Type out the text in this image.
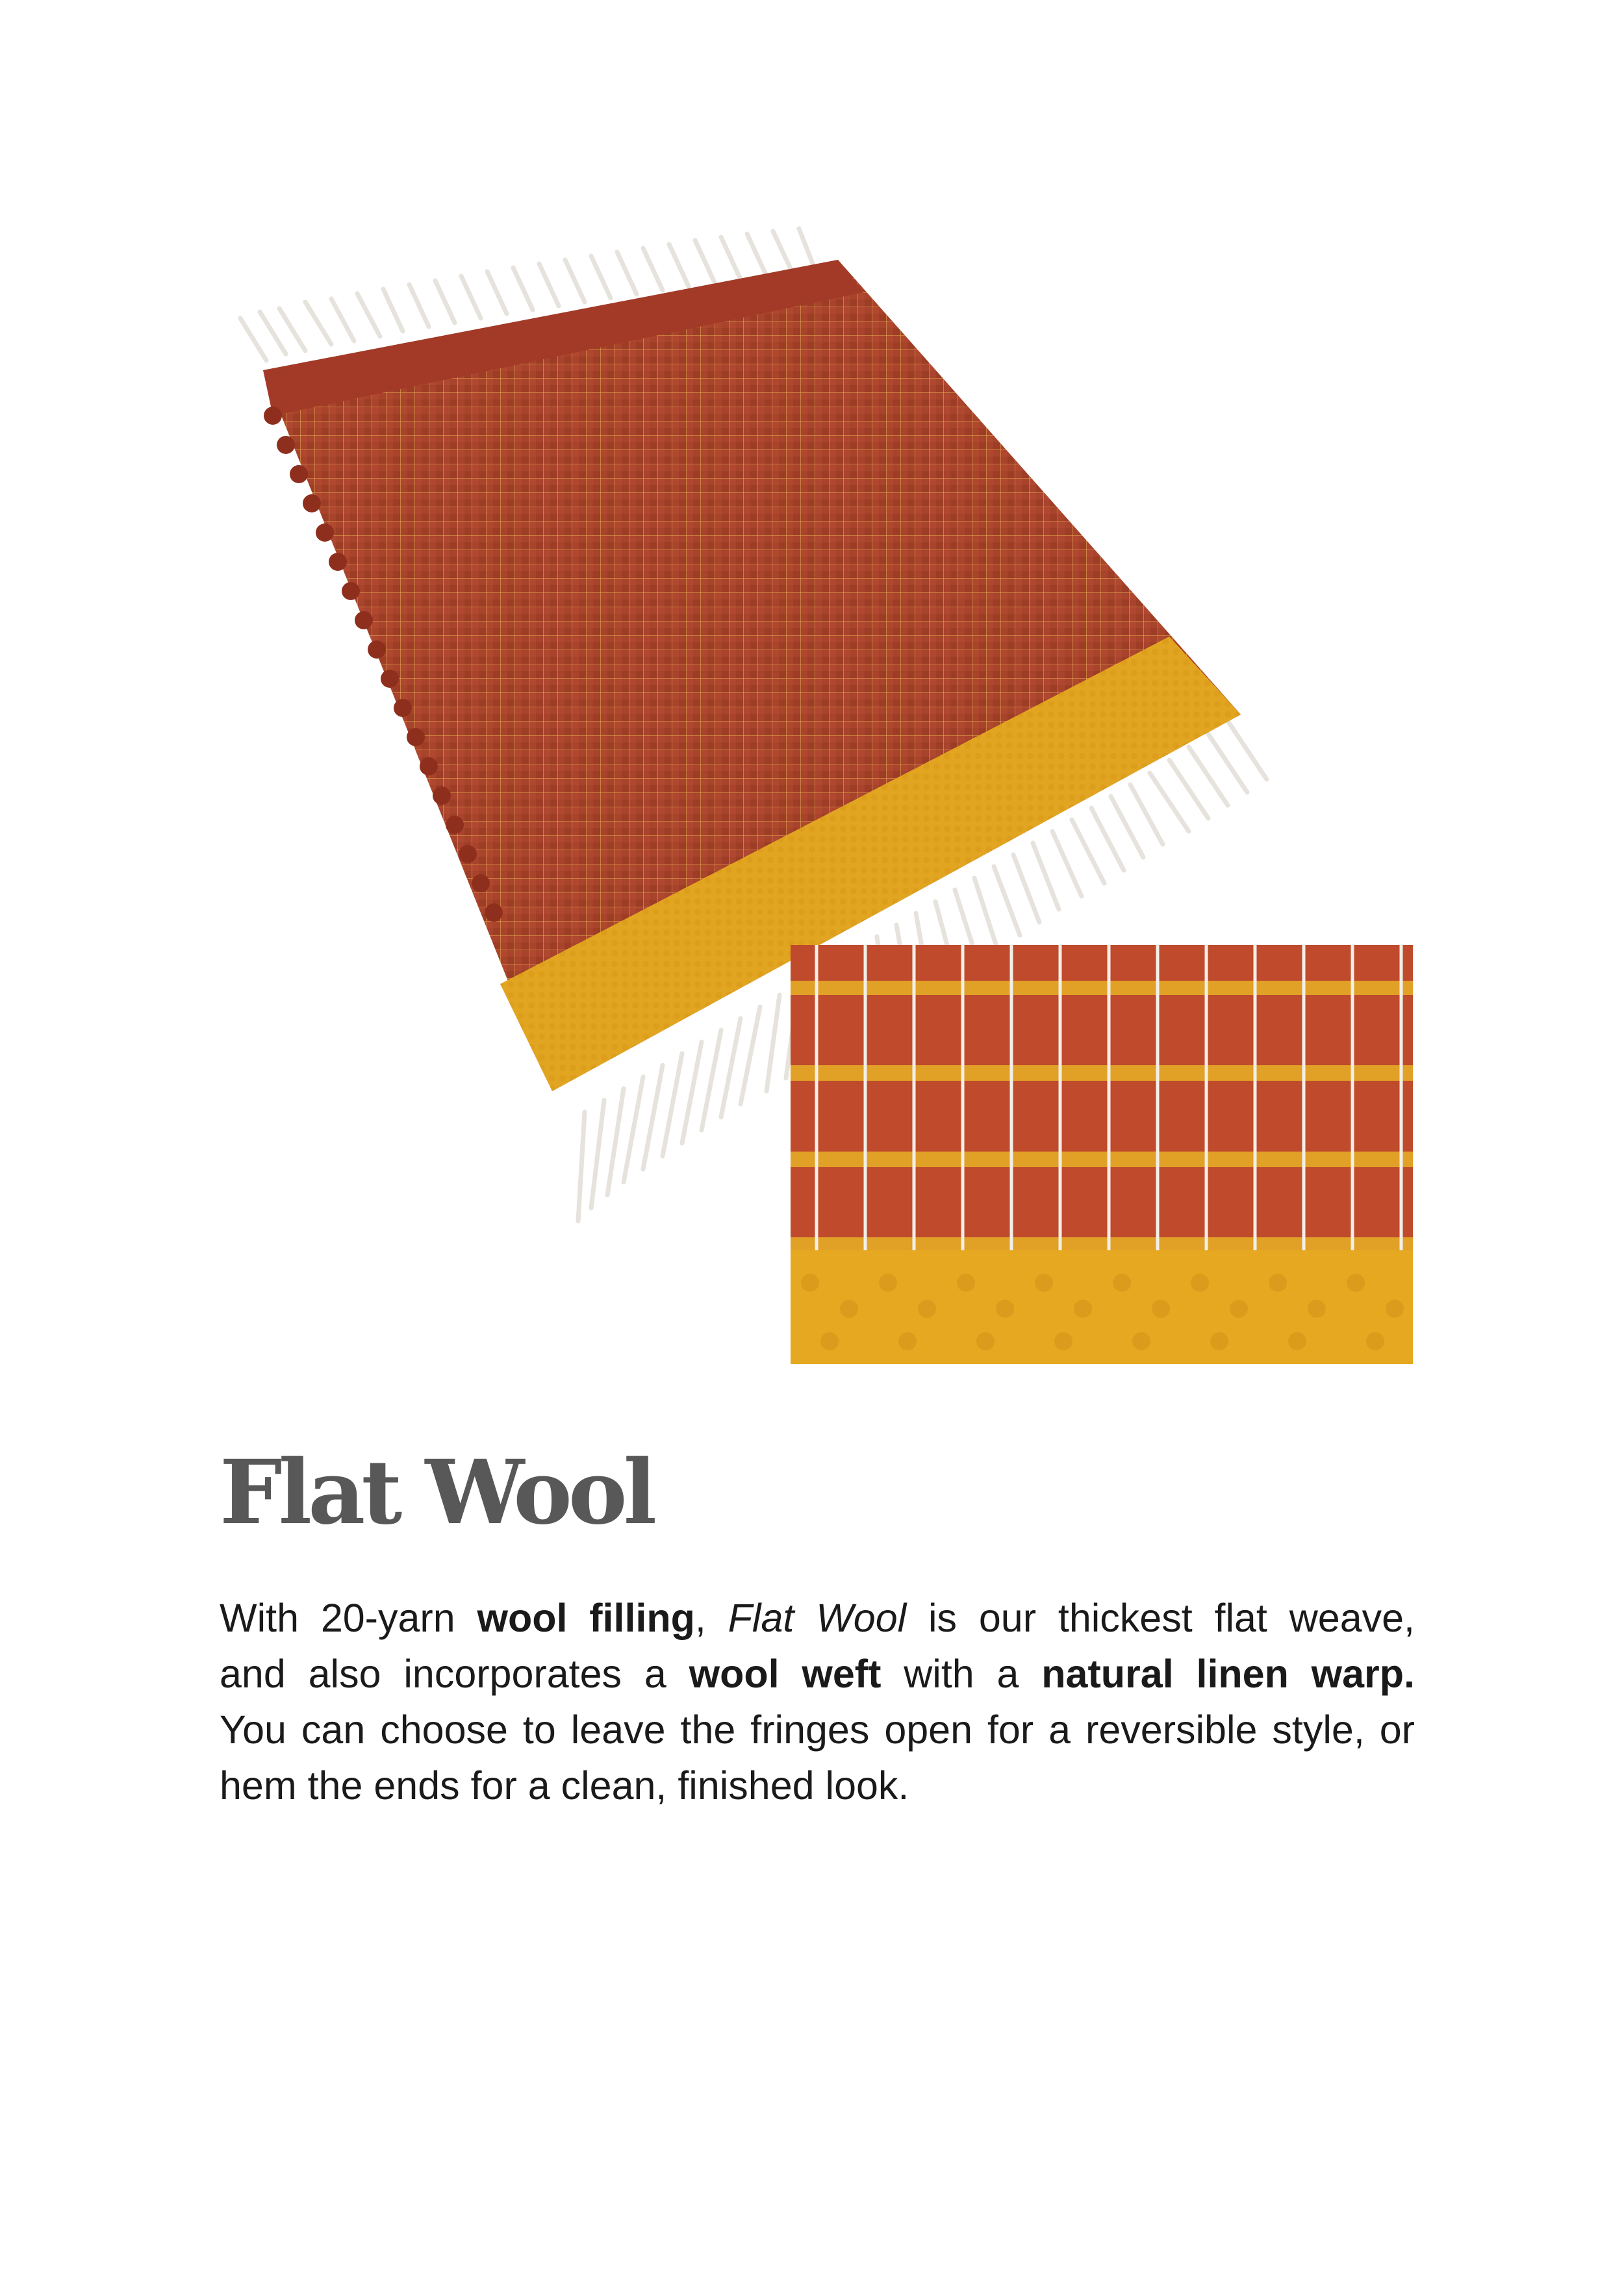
Flat Wool

With 20-yarn wool filling, Flat Wool is our thickest flat weave,
and also incorporates a wool weft with a natural linen warp.
You can choose to leave the fringes open for a reversible style, or
hem the ends for a clean, finished look.
